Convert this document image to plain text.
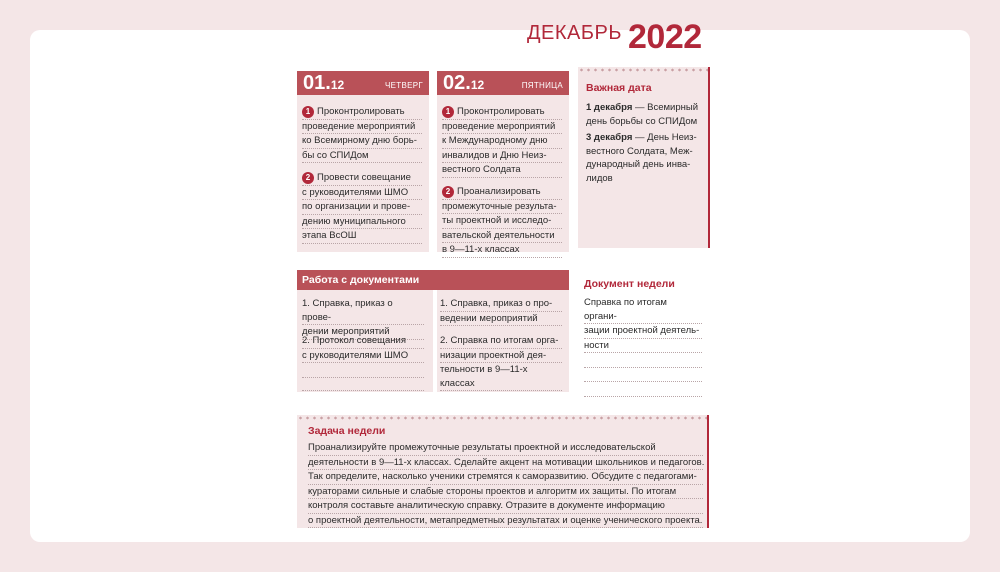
ДЕКАБРЬ 2022
01.12	ЧЕТВЕРГ
1 Проконтролировать
проведение мероприятий
ко Всемирному дню борь-
бы со СПИДом
2 Провести совещание
с руководителями ШМО
по организации и прове-
дению муниципального
этапа ВсОШ
02.12	ПЯТНИЦА
1 Проконтролировать
проведение мероприятий
к Международному дню
инвалидов и Дню Неиз-
вестного Солдата
2 Проанализировать
промежуточные результа-
ты проектной и исследо-
вательской деятельности
в 9—11-х классах
Важная дата
1 декабря — Всемирный
день борьбы со СПИДом
3 декабря — День Неиз-
вестного Солдата, Меж-
дународный день инва-
лидов
Работа с документами
1. Справка, приказ о прове-
дении мероприятий
2. Протокол совещания
с руководителями ШМО
1. Справка, приказ о про-
ведении мероприятий
2. Справка по итогам орга-
низации проектной дея-
тельности в 9—11-х классах
Документ недели
Справка по итогам органи-
зации проектной деятель-
ности
Задача недели
Проанализируйте промежуточные результаты проектной и исследовательской
деятельности в 9—11-х классах. Сделайте акцент на мотивации школьников и педагогов.
Так определите, насколько ученики стремятся к саморазвитию. Обсудите с педагогами-
кураторами сильные и слабые стороны проектов и алгоритм их защиты. По итогам
контроля составьте аналитическую справку. Отразите в документе информацию
о проектной деятельности, метапредметных результатах и оценке ученического проекта.
